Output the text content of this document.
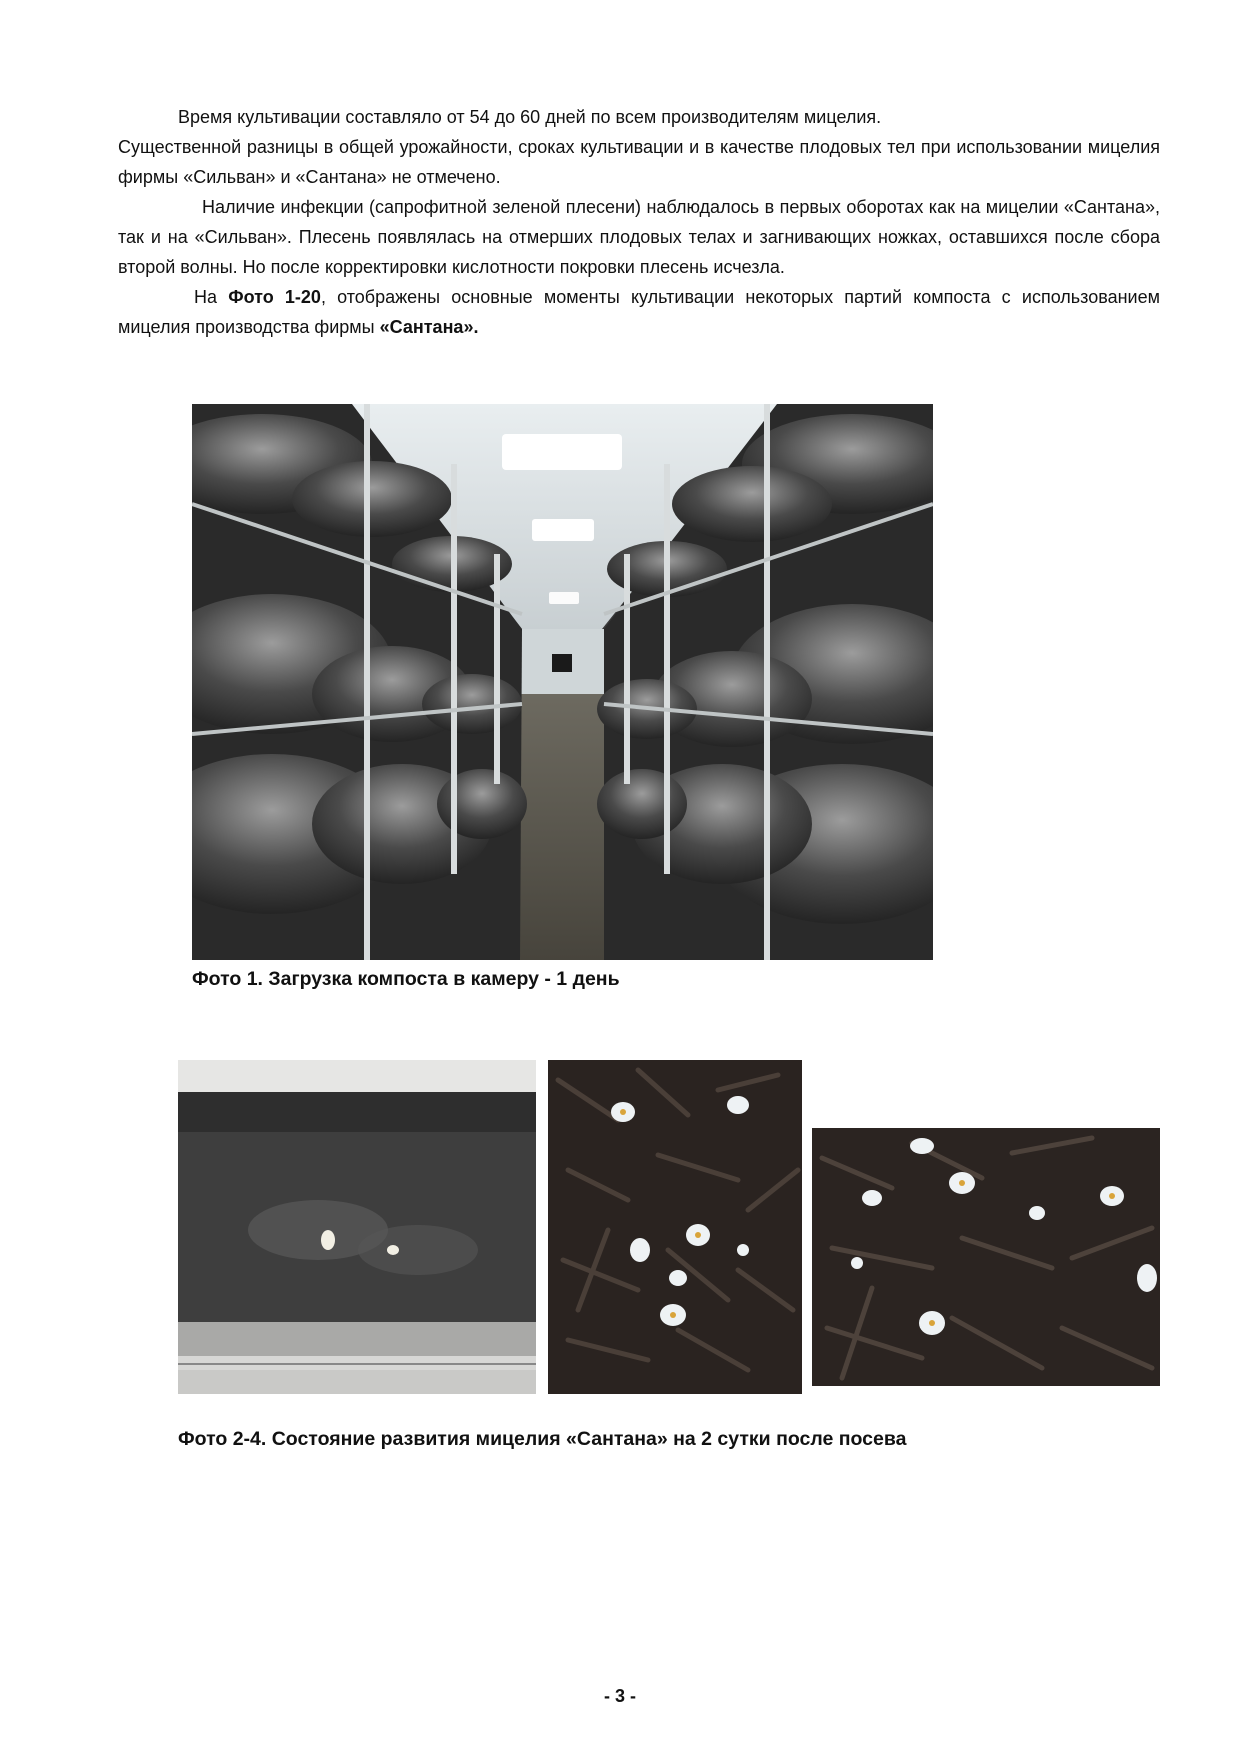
Время культивации составляло от 54 до 60 дней по всем производителям мицелия.

Существенной разницы в общей урожайности, сроках культивации и в качестве плодовых тел при использовании мицелия фирмы «Сильван» и «Сантана» не отмечено.

Наличие инфекции (сапрофитной зеленой плесени) наблюдалось в первых оборотах как на мицелии «Сантана», так и на «Сильван». Плесень появлялась на отмерших плодовых телах и загнивающих ножках, оставшихся после сбора второй волны. Но после корректировки кислотности покровки плесень исчезла.

На Фото 1-20, отображены основные моменты культивации некоторых партий компоста с использованием мицелия производства фирмы «Сантана».

Фото 1. Загрузка компоста в камеру - 1 день
Фото 2-4. Состояние развития мицелия «Сантана» на 2 сутки после посева
- 3 -
